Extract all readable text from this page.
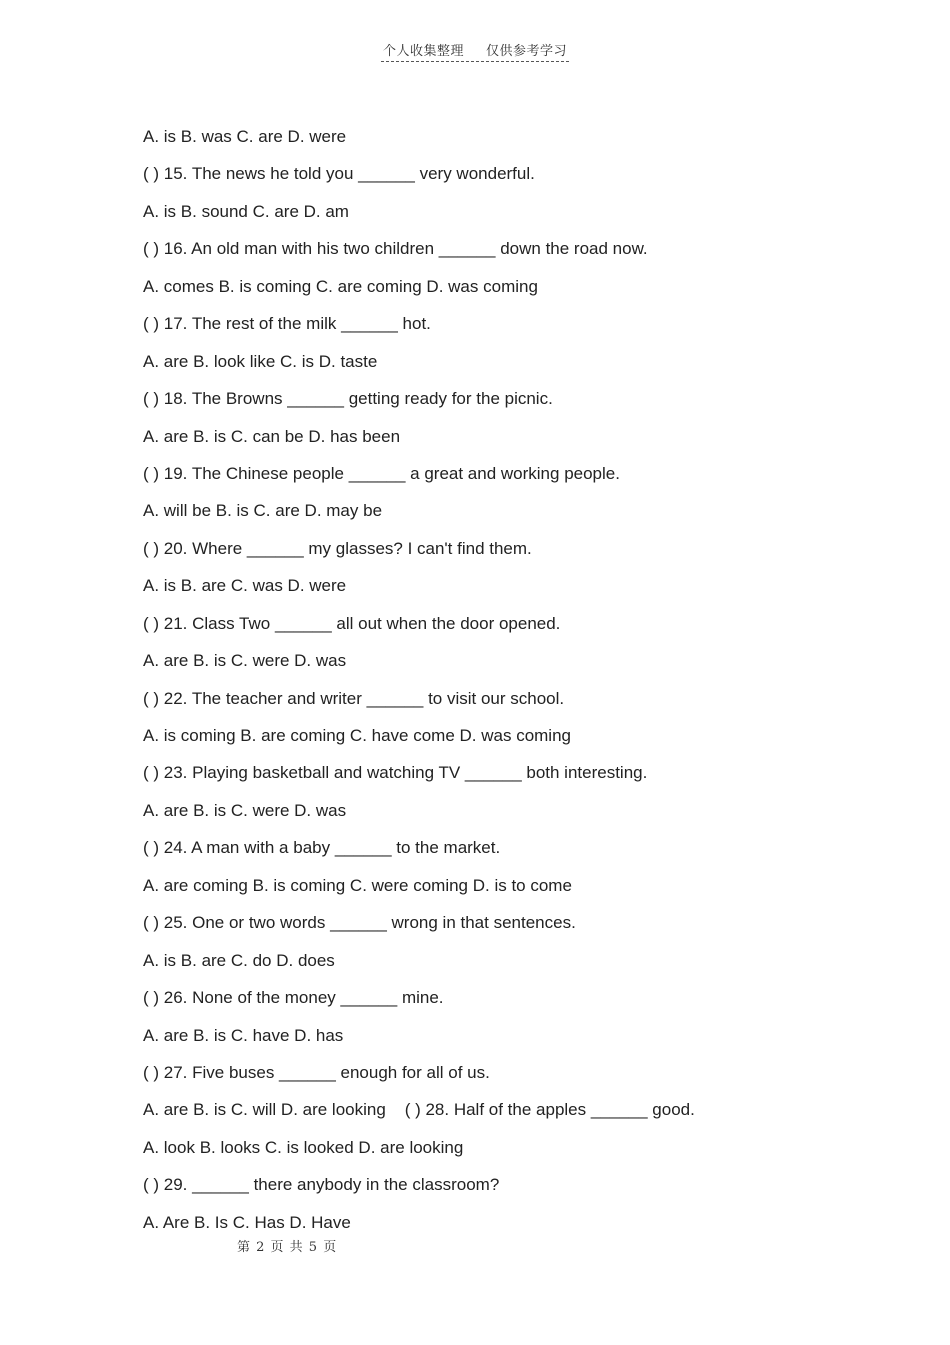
个人收集整理 仅供参考学习
A. is B. was C. are D. were
( ) 15. The news he told you ______ very wonderful.
A. is B. sound C. are D. am
( ) 16. An old man with his two children ______ down the road now.
A. comes B. is coming C. are coming D. was coming
( ) 17. The rest of the milk ______ hot.
A. are B. look like C. is D. taste
( ) 18. The Browns ______ getting ready for the picnic.
A. are B. is C. can be D. has been
( ) 19. The Chinese people ______ a great and working people.
A. will be B. is C. are D. may be
( ) 20. Where ______ my glasses? I can't find them.
A. is B. are C. was D. were
( ) 21. Class Two ______ all out when the door opened.
A. are B. is C. were D. was
( ) 22. The teacher and writer ______ to visit our school.
A. is coming B. are coming C. have come D. was coming
( ) 23. Playing basketball and watching TV ______ both interesting.
A. are B. is C. were D. was
( ) 24. A man with a baby ______ to the market.
A. are coming B. is coming C. were coming D. is to come
( ) 25. One or two words ______ wrong in that sentences.
A. is B. are C. do D. does
( ) 26. None of the money ______ mine.
A. are B. is C. have D. has
( ) 27. Five buses ______ enough for all of us.
A. are B. is C. will D. are looking    ( ) 28. Half of the apples ______ good.
A. look B. looks C. is looked D. are looking
( ) 29. ______ there anybody in the classroom?
A. Are B. Is C. Has D. Have
第 2 页 共 5 页
